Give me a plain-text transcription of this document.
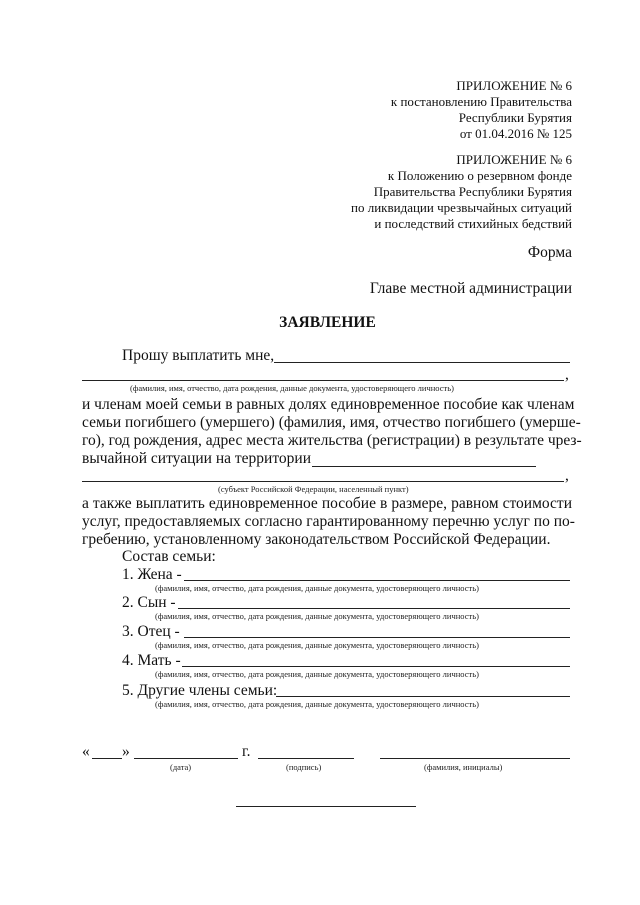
ПРИЛОЖЕНИЕ № 6
к постановлению Правительства
Республики Бурятия
от 01.04.2016 № 125
ПРИЛОЖЕНИЕ № 6
к Положению о резервном фонде
Правительства Республики Бурятия
по ликвидации чрезвычайных ситуаций
и последствий стихийных бедствий
Форма
Главе местной администрации
ЗАЯВЛЕНИЕ
Прошу выплатить мне,
,
(фамилия, имя, отчество, дата рождения, данные документа, удостоверяющего личность)
и членам моей семьи в равных долях единовременное пособие как членам
семьи погибшего (умершего) (фамилия, имя, отчество погибшего (умерше-
го), год рождения, адрес места жительства (регистрации) в результате чрез-
вычайной ситуации на территории
,
(субъект Российской Федерации, населенный пункт)
а также выплатить единовременное пособие в размере, равном стоимости
услуг, предоставляемых согласно гарантированному перечню услуг по по-
гребению, установленному законодательством Российской Федерации.
Состав семьи:
1. Жена -
(фамилия, имя, отчество, дата рождения, данные документа, удостоверяющего личность)
2. Сын -
(фамилия, имя, отчество, дата рождения, данные документа, удостоверяющего личность)
3. Отец -
(фамилия, имя, отчество, дата рождения, данные документа, удостоверяющего личность)
4. Мать -
(фамилия, имя, отчество, дата рождения, данные документа, удостоверяющего личность)
5. Другие члены семьи:
(фамилия, имя, отчество, дата рождения, данные документа, удостоверяющего личность)
« »	г.
(дата)	(подпись)	(фамилия, инициалы)
